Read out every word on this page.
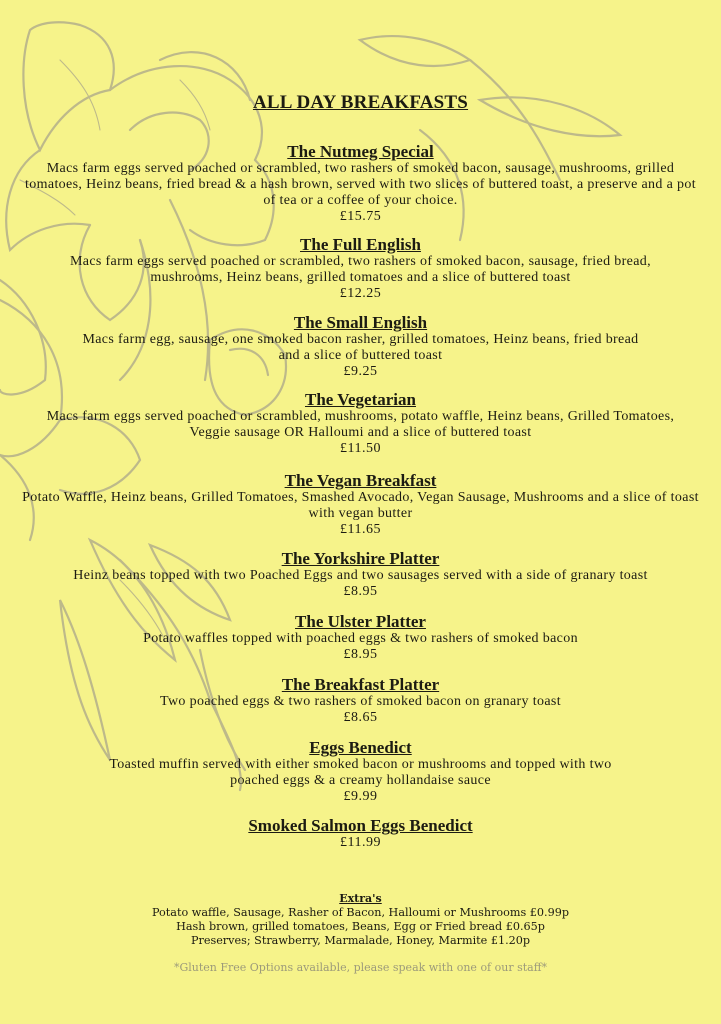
ALL DAY BREAKFASTS
The Nutmeg Special
Macs farm eggs served poached or scrambled, two rashers of smoked bacon, sausage, mushrooms, grilled tomatoes, Heinz beans, fried bread & a hash brown, served with two slices of buttered toast, a preserve and a pot of tea or a coffee of your choice.
£15.75
The Full English
Macs farm eggs served poached or scrambled, two rashers of smoked bacon, sausage, fried bread, mushrooms, Heinz beans, grilled tomatoes and a slice of buttered toast
£12.25
The Small English
Macs farm egg, sausage, one smoked bacon rasher, grilled tomatoes, Heinz beans, fried bread and a slice of buttered toast
£9.25
The Vegetarian
Macs farm eggs served poached or scrambled, mushrooms, potato waffle, Heinz beans, Grilled Tomatoes, Veggie sausage OR Halloumi and a slice of buttered toast
£11.50
The Vegan Breakfast
Potato Waffle, Heinz beans, Grilled Tomatoes, Smashed Avocado, Vegan Sausage, Mushrooms and a slice of toast with vegan butter
£11.65
The Yorkshire Platter
Heinz beans topped with two Poached Eggs and two sausages served with a side of granary toast
£8.95
The Ulster Platter
Potato waffles topped with poached eggs & two rashers of smoked bacon
£8.95
The Breakfast Platter
Two poached eggs & two rashers of smoked bacon on granary toast
£8.65
Eggs Benedict
Toasted muffin served with either smoked bacon or mushrooms and topped with two poached eggs & a creamy hollandaise sauce
£9.99
Smoked Salmon Eggs Benedict
£11.99
Extra's
Potato waffle, Sausage, Rasher of Bacon, Halloumi or Mushrooms £0.99p
Hash brown, grilled tomatoes, Beans, Egg or Fried bread £0.65p
Preserves; Strawberry, Marmalade, Honey, Marmite £1.20p
*Gluten Free Options available, please speak with one of our staff*
